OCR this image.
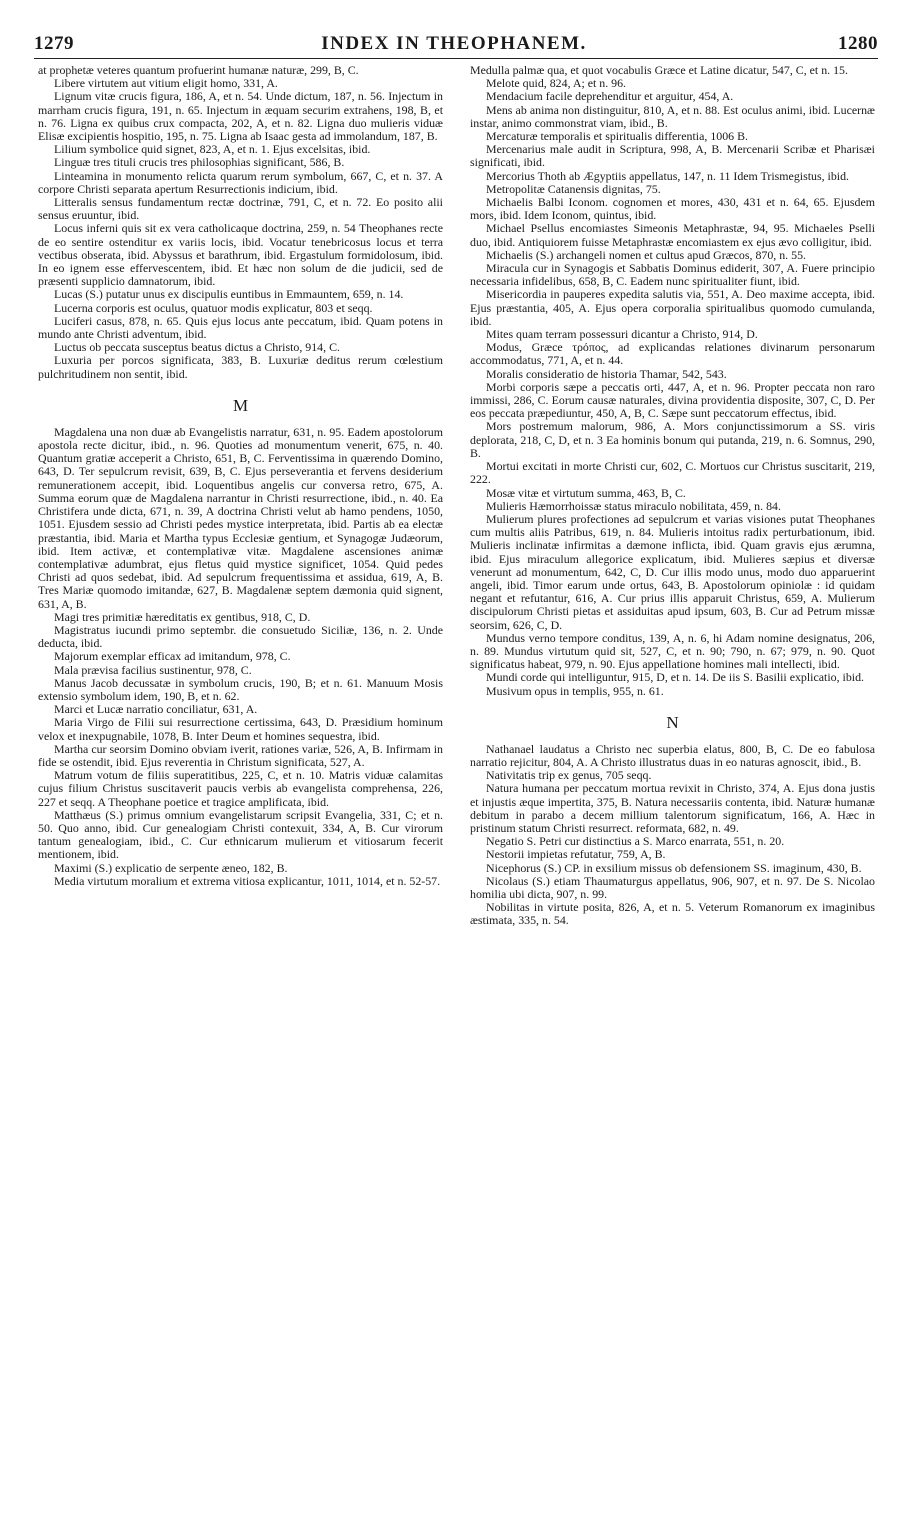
1279	INDEX IN THEOPHANEM.	1280

at prophetæ veteres quantum profuerint humanæ naturæ, 299, B, C.

Libere virtutem aut vitium eligit homo, 331, A.

Lignum vitæ crucis figura, 186, A, et n. 54. Unde dictum, 187, n. 56. Injectum in marrham crucis figura, 191, n. 65. Injectum in æquam securim extrahens, 198, B, et n. 76. Ligna ex quibus crux compacta, 202, A, et n. 82. Ligna duo mulieris viduæ Elisæ excipientis hospitio, 195, n. 75. Ligna ab Isaac gesta ad immolandum, 187, B.

Lilium symbolice quid signet, 823, A, et n. 1. Ejus excelsitas, ibid.

Linguæ tres tituli crucis tres philosophias significant, 586, B.

Linteamina in monumento relicta quarum rerum symbolum, 667, C, et n. 37. A corpore Christi separata apertum Resurrectionis indicium, ibid.

Litteralis sensus fundamentum rectæ doctrinæ, 791, C, et n. 72. Eo posito alii sensus eruuntur, ibid.

Locus inferni quis sit ex vera catholicaque doctrina, 259, n. 54 Theophanes recte de eo sentire ostenditur ex variis locis, ibid. Vocatur tenebricosus locus et terra vectibus obserata, ibid. Abyssus et barathrum, ibid. Ergastulum formidolosum, ibid. In eo ignem esse effervescentem, ibid. Et hæc non solum de die judicii, sed de præsenti supplicio damnatorum, ibid.

Lucas (S.) putatur unus ex discipulis euntibus in Emmauntem, 659, n. 14.

Lucerna corporis est oculus, quatuor modis explicatur, 803 et seqq.

Luciferi casus, 878, n. 65. Quis ejus locus ante peccatum, ibid. Quam potens in mundo ante Christi adventum, ibid.

Luctus ob peccata susceptus beatus dictus a Christo, 914, C.

Luxuria per porcos significata, 383, B. Luxuriæ deditus rerum cœlestium pulchritudinem non sentit, ibid.

M

Magdalena una non duæ ab Evangelistis narratur, 631, n. 95. Eadem apostolorum apostola recte dicitur, ibid., n. 96. Quoties ad monumentum venerit, 675, n. 40. Quantum gratiæ acceperit a Christo, 651, B, C. Ferventissima in quærendo Domino, 643, D. Ter sepulcrum revisit, 639, B, C. Ejus perseverantia et fervens desiderium remunerationem accepit, ibid. Loquentibus angelis cur conversa retro, 675, A. Summa eorum quæ de Magdalena narrantur in Christi resurrectione, ibid., n. 40. Ea Christifera unde dicta, 671, n. 39, A doctrina Christi velut ab hamo pendens, 1050, 1051. Ejusdem sessio ad Christi pedes mystice interpretata, ibid. Partis ab ea electæ præstantia, ibid. Maria et Martha typus Ecclesiæ gentium, et Synagogæ Judæorum, ibid. Item activæ, et contemplativæ vitæ. Magdalene ascensiones animæ contemplativæ adumbrat, ejus fletus quid mystice significet, 1054. Quid pedes Christi ad quos sedebat, ibid. Ad sepulcrum frequentissima et assidua, 619, A, B. Tres Mariæ quomodo imitandæ, 627, B. Magdalenæ septem dæmonia quid signent, 631, A, B.

Magi tres primitiæ hæreditatis ex gentibus, 918, C, D.

Magistratus iucundi primo septembr. die consuetudo Siciliæ, 136, n. 2. Unde deducta, ibid.

Majorum exemplar efficax ad imitandum, 978, C.

Mala prævisa facilius sustinentur, 978, C.

Manus Jacob decussatæ in symbolum crucis, 190, B; et n. 61. Manuum Mosis extensio symbolum idem, 190, B, et n. 62.

Marci et Lucæ narratio conciliatur, 631, A.

Maria Virgo de Filii sui resurrectione certissima, 643, D. Præsidium hominum velox et inexpugnabile, 1078, B. Inter Deum et homines sequestra, ibid.

Martha cur seorsim Domino obviam iverit, rationes variæ, 526, A, B. Infirmam in fide se ostendit, ibid. Ejus reverentia in Christum significata, 527, A.

Matrum votum de filiis superatitibus, 225, C, et n. 10. Matris viduæ calamitas cujus filium Christus suscitaverit paucis verbis ab evangelista comprehensa, 226, 227 et seqq. A Theophane poetice et tragice amplificata, ibid.

Matthæus (S.) primus omnium evangelistarum scripsit Evangelia, 331, C; et n. 50. Quo anno, ibid. Cur genealogiam Christi contexuit, 334, A, B. Cur virorum tantum genealogiam, ibid., C. Cur ethnicarum mulierum et vitiosarum fecerit mentionem, ibid.

Maximi (S.) explicatio de serpente æneo, 182, B.

Media virtutum moralium et extrema vitiosa explicantur, 1011, 1014, et n. 52-57.

Medulla palmæ qua, et quot vocabulis Græce et Latine dicatur, 547, C, et n. 15.

Melote quid, 824, A; et n. 96.

Mendacium facile deprehenditur et arguitur, 454, A.

Mens ab anima non distinguitur, 810, A, et n. 88. Est oculus animi, ibid. Lucernæ instar, animo commonstrat viam, ibid., B.

Mercaturæ temporalis et spiritualis differentia, 1006 B.

Mercenarius male audit in Scriptura, 998, A, B. Mercenarii Scribæ et Pharisæi significati, ibid.

Mercorius Thoth ab Ægyptiis appellatus, 147, n. 11 Idem Trismegistus, ibid.

Metropolitæ Catanensis dignitas, 75.

Michaelis Balbi Iconom. cognomen et mores, 430, 431 et n. 64, 65. Ejusdem mors, ibid. Idem Iconom, quintus, ibid.

Michael Psellus encomiastes Simeonis Metaphrastæ, 94, 95. Michaeles Pselli duo, ibid. Antiquiorem fuisse Metaphrastæ encomiastem ex ejus ævo colligitur, ibid.

Michaelis (S.) archangeli nomen et cultus apud Græcos, 870, n. 55.

Miracula cur in Synagogis et Sabbatis Dominus ediderit, 307, A. Fuere principio necessaria infidelibus, 658, B, C. Eadem nunc spiritualiter fiunt, ibid.

Misericordia in pauperes expedita salutis via, 551, A. Deo maxime accepta, ibid. Ejus præstantia, 405, A. Ejus opera corporalia spiritualibus quomodo cumulanda, ibid.

Mites quam terram possessuri dicantur a Christo, 914, D.

Modus, Græce τρόπος, ad explicandas relationes divinarum personarum accommodatus, 771, A, et n. 44.

Moralis consideratio de historia Thamar, 542, 543.

Morbi corporis sæpe a peccatis orti, 447, A, et n. 96. Propter peccata non raro immissi, 286, C. Eorum causæ naturales, divina providentia disposite, 307, C, D. Per eos peccata præpediuntur, 450, A, B, C. Sæpe sunt peccatorum effectus, ibid.

Mors postremum malorum, 986, A. Mors conjunctissimorum a SS. viris deplorata, 218, C, D, et n. 3 Ea hominis bonum qui putanda, 219, n. 6. Somnus, 290, B.

Mortui excitati in morte Christi cur, 602, C. Mortuos cur Christus suscitarit, 219, 222.

Mosæ vitæ et virtutum summa, 463, B, C.

Mulieris Hæmorrhoissæ status miraculo nobilitata, 459, n. 84.

Mulierum plures profectiones ad sepulcrum et varias visiones putat Theophanes cum multis aliis Patribus, 619, n. 84. Mulieris intoitus radix perturbationum, ibid. Mulieris inclinatæ infirmitas a dæmone inflicta, ibid. Quam gravis ejus ærumna, ibid. Ejus miraculum allegorice explicatum, ibid. Mulieres sæpius et diversæ venerunt ad monumentum, 642, C, D. Cur illis modo unus, modo duo apparuerint angeli, ibid. Timor earum unde ortus, 643, B. Apostolorum opiniolæ : id quidam negant et refutantur, 616, A. Cur prius illis apparuit Christus, 659, A. Mulierum discipulorum Christi pietas et assiduitas apud ipsum, 603, B. Cur ad Petrum missæ seorsim, 626, C, D.

Mundus verno tempore conditus, 139, A, n. 6, hi Adam nomine designatus, 206, n. 89. Mundus virtutum quid sit, 527, C, et n. 90; 790, n. 67; 979, n. 90. Quot significatus habeat, 979, n. 90. Ejus appellatione homines mali intellecti, ibid.

Mundi corde qui intelliguntur, 915, D, et n. 14. De iis S. Basilii explicatio, ibid.

Musivum opus in templis, 955, n. 61.

N

Nathanael laudatus a Christo nec superbia elatus, 800, B, C. De eo fabulosa narratio rejicitur, 804, A. A Christo illustratus duas in eo naturas agnoscit, ibid., B.

Nativitatis trip ex genus, 705 seqq.

Natura humana per peccatum mortua revixit in Christo, 374, A. Ejus dona justis et injustis æque impertita, 375, B. Natura necessariis contenta, ibid. Naturæ humanæ debitum in parabo a decem millium talentorum significatum, 166, A. Hæc in pristinum statum Christi resurrect. reformata, 682, n. 49.

Negatio S. Petri cur distinctius a S. Marco enarrata, 551, n. 20.

Nestorii impietas refutatur, 759, A, B.

Nicephorus (S.) CP. in exsilium missus ob defensionem SS. imaginum, 430, B.

Nicolaus (S.) etiam Thaumaturgus appellatus, 906, 907, et n. 97. De S. Nicolao homilia ubi dicta, 907, n. 99.

Nobilitas in virtute posita, 826, A, et n. 5. Veterum Romanorum ex imaginibus æstimata, 335, n. 54.
